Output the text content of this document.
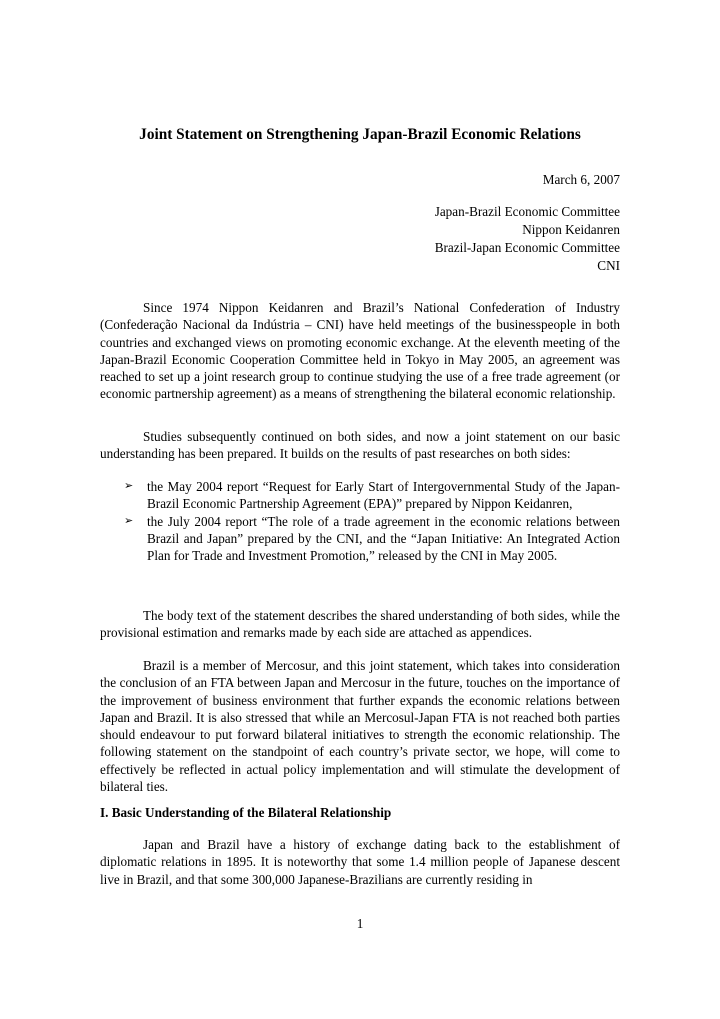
Joint Statement on Strengthening Japan-Brazil Economic Relations
March 6, 2007
Japan-Brazil Economic Committee
Nippon Keidanren
Brazil-Japan Economic Committee
CNI

Since 1974 Nippon Keidanren and Brazil’s National Confederation of Industry (Confederação Nacional da Indústria – CNI) have held meetings of the businesspeople in both countries and exchanged views on promoting economic exchange. At the eleventh meeting of the Japan-Brazil Economic Cooperation Committee held in Tokyo in May 2005, an agreement was reached to set up a joint research group to continue studying the use of a free trade agreement (or economic partnership agreement) as a means of strengthening the bilateral economic relationship.

Studies subsequently continued on both sides, and now a joint statement on our basic understanding has been prepared. It builds on the results of past researches on both sides:

➢ the May 2004 report “Request for Early Start of Intergovernmental Study of the Japan-Brazil Economic Partnership Agreement (EPA)” prepared by Nippon Keidanren,
➢ the July 2004 report “The role of a trade agreement in the economic relations between Brazil and Japan” prepared by the CNI, and the “Japan Initiative: An Integrated Action Plan for Trade and Investment Promotion,” released by the CNI in May 2005.

The body text of the statement describes the shared understanding of both sides, while the provisional estimation and remarks made by each side are attached as appendices.

Brazil is a member of Mercosur, and this joint statement, which takes into consideration the conclusion of an FTA between Japan and Mercosur in the future, touches on the importance of the improvement of business environment that further expands the economic relations between Japan and Brazil. It is also stressed that while an Mercosul-Japan FTA is not reached both parties should endeavour to put forward bilateral initiatives to strength the economic relationship. The following statement on the standpoint of each country’s private sector, we hope, will come to effectively be reflected in actual policy implementation and will stimulate the development of bilateral ties.

I. Basic Understanding of the Bilateral Relationship

Japan and Brazil have a history of exchange dating back to the establishment of diplomatic relations in 1895. It is noteworthy that some 1.4 million people of Japanese descent live in Brazil, and that some 300,000 Japanese-Brazilians are currently residing in

1
